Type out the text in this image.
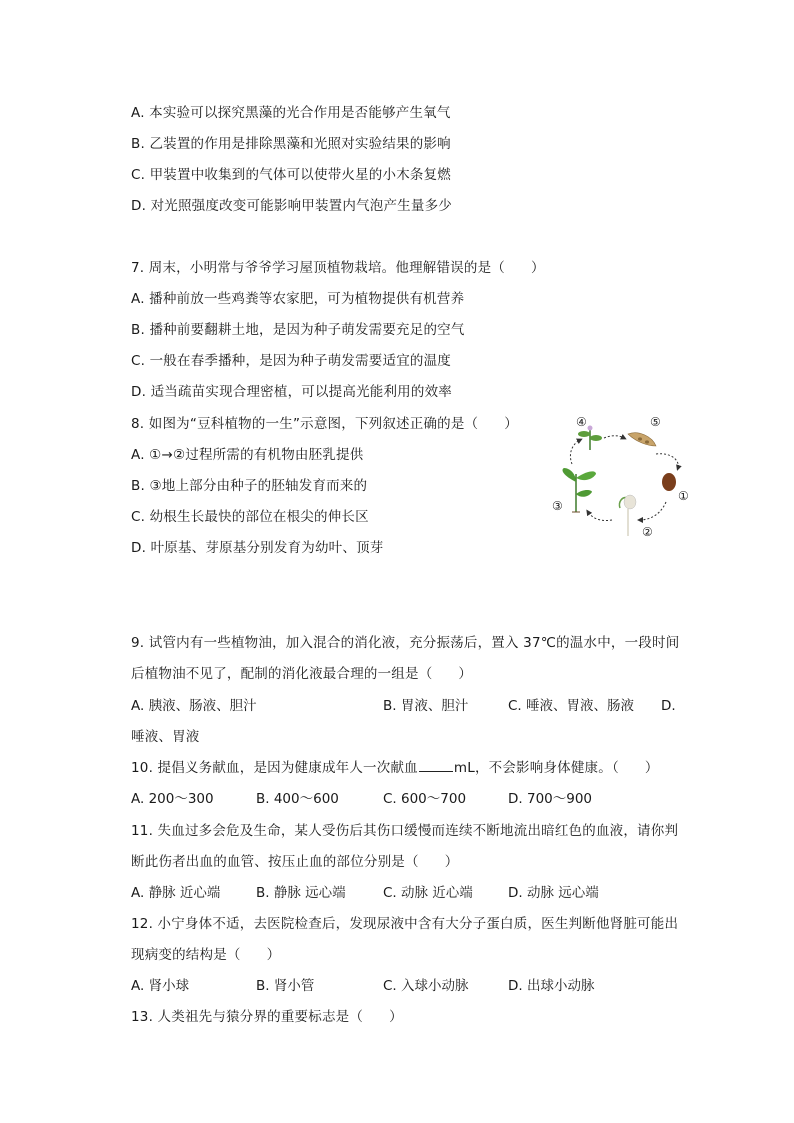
A. 本实验可以探究黑藻的光合作用是否能够产生氧气
B. 乙装置的作用是排除黑藻和光照对实验结果的影响
C. 甲装置中收集到的气体可以使带火星的小木条复燃
D. 对光照强度改变可能影响甲装置内气泡产生量多少
7. 周末，小明常与爷爷学习屋顶植物栽培。他理解错误的是（ ）
A. 播种前放一些鸡粪等农家肥，可为植物提供有机营养
B. 播种前要翻耕土地，是因为种子萌发需要充足的空气
C. 一般在春季播种，是因为种子萌发需要适宜的温度
D. 适当疏苗实现合理密植，可以提高光能利用的效率
8. 如图为“豆科植物的一生”示意图，下列叙述正确的是（ ）
A. ①→②过程所需的有机物由胚乳提供
B. ③地上部分由种子的胚轴发育而来的
C. 幼根生长最快的部位在根尖的伸长区
D. 叶原基、芽原基分别发育为幼叶、顶芽
④	⑤
①
②
③
9. 试管内有一些植物油，加入混合的消化液，充分振荡后，置入 37℃的温水中，一段时间
后植物油不见了，配制的消化液最合理的一组是（ ）
A. 胰液、肠液、胆汁	B. 胃液、胆汁	C. 唾液、胃液、肠液 D.
唾液、胃液
10. 提倡义务献血，是因为健康成年人一次献血	mL，不会影响身体健康。（ ）
A. 200～300	B. 400～600	C. 600～700	D. 700～900
11. 失血过多会危及生命，某人受伤后其伤口缓慢而连续不断地流出暗红色的血液，请你判
断此伤者出血的血管、按压止血的部位分别是（ ）
A. 静脉 近心端	B. 静脉 远心端	C. 动脉 近心端	D. 动脉 远心端
12. 小宁身体不适，去医院检查后，发现尿液中含有大分子蛋白质，医生判断他肾脏可能出
现病变的结构是（ ）
A. 肾小球	B. 肾小管	C. 入球小动脉	D. 出球小动脉
13. 人类祖先与猿分界的重要标志是（ ）
